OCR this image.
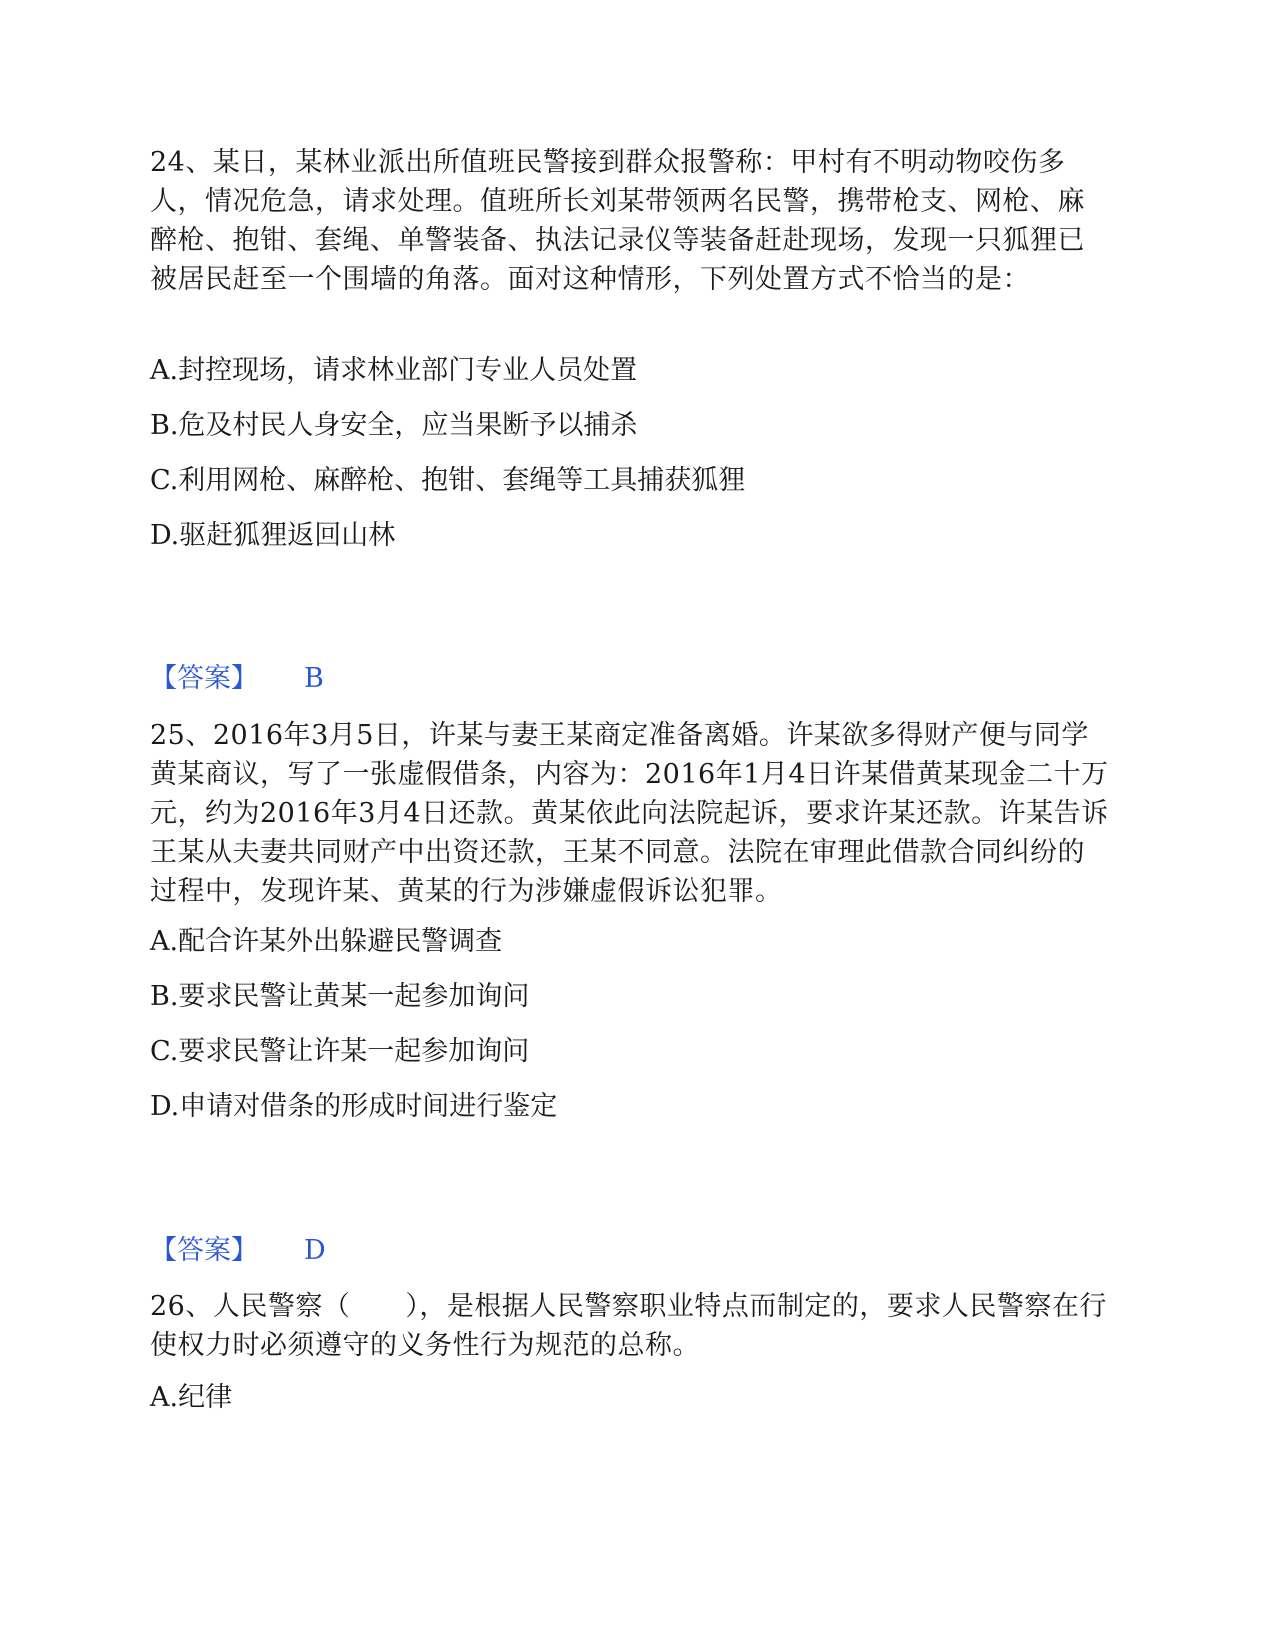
24、某日，某林业派出所值班民警接到群众报警称：甲村有不明动物咬伤多人，情况危急，请求处理。值班所长刘某带领两名民警，携带枪支、网枪、麻醉枪、抱钳、套绳、单警装备、执法记录仪等装备赶赴现场，发现一只狐狸已被居民赶至一个围墙的角落。面对这种情形，下列处置方式不恰当的是：

A.封控现场，请求林业部门专业人员处置

B.危及村民人身安全，应当果断予以捕杀

C.利用网枪、麻醉枪、抱钳、套绳等工具捕获狐狸

D.驱赶狐狸返回山林

【答案】 B

25、2016年3月5日，许某与妻王某商定准备离婚。许某欲多得财产便与同学黄某商议，写了一张虚假借条，内容为：2016年1月4日许某借黄某现金二十万元，约为2016年3月4日还款。黄某依此向法院起诉，要求许某还款。许某告诉王某从夫妻共同财产中出资还款，王某不同意。法院在审理此借款合同纠纷的过程中，发现许某、黄某的行为涉嫌虚假诉讼犯罪。

A.配合许某外出躲避民警调查

B.要求民警让黄某一起参加询问

C.要求民警让许某一起参加询问

D.申请对借条的形成时间进行鉴定

【答案】 D

26、人民警察（　　），是根据人民警察职业特点而制定的，要求人民警察在行使权力时必须遵守的义务性行为规范的总称。

A.纪律
